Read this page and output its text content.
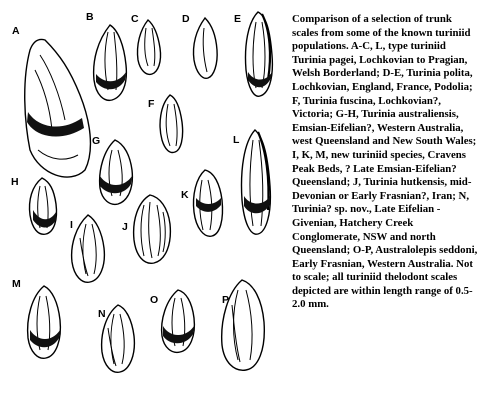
A
B	C	D	E
F
G
H
I	J
K
L
M
N
O	P

Comparison of a selection of trunk scales from some of the known turiniid populations. A-C, L, type turiniid Turinia pagei, Lochkovian to Pragian, Welsh Borderland; D-E, Turinia polita, Lochkovian, England, France, Podolia; F, Turinia fuscina, Lochkovian?, Victoria; G-H, Turinia australiensis, Emsian-Eifelian?, Western Australia, west Queensland and New South Wales; I, K, M, new turiniid species, Cravens Peak Beds, ? Late Emsian-Eifelian? Queensland; J, Turinia hutkensis, mid-Devonian or Early Frasnian?, Iran; N, Turinia? sp. nov., Late Eifelian - Givenian, Hatchery Creek Conglomerate, NSW and north Queensland; O-P, Australolepis seddoni, Early Frasnian, Western Australia. Not to scale; all turiniid thelodont scales depicted are within length range of 0.5-2.0 mm.
